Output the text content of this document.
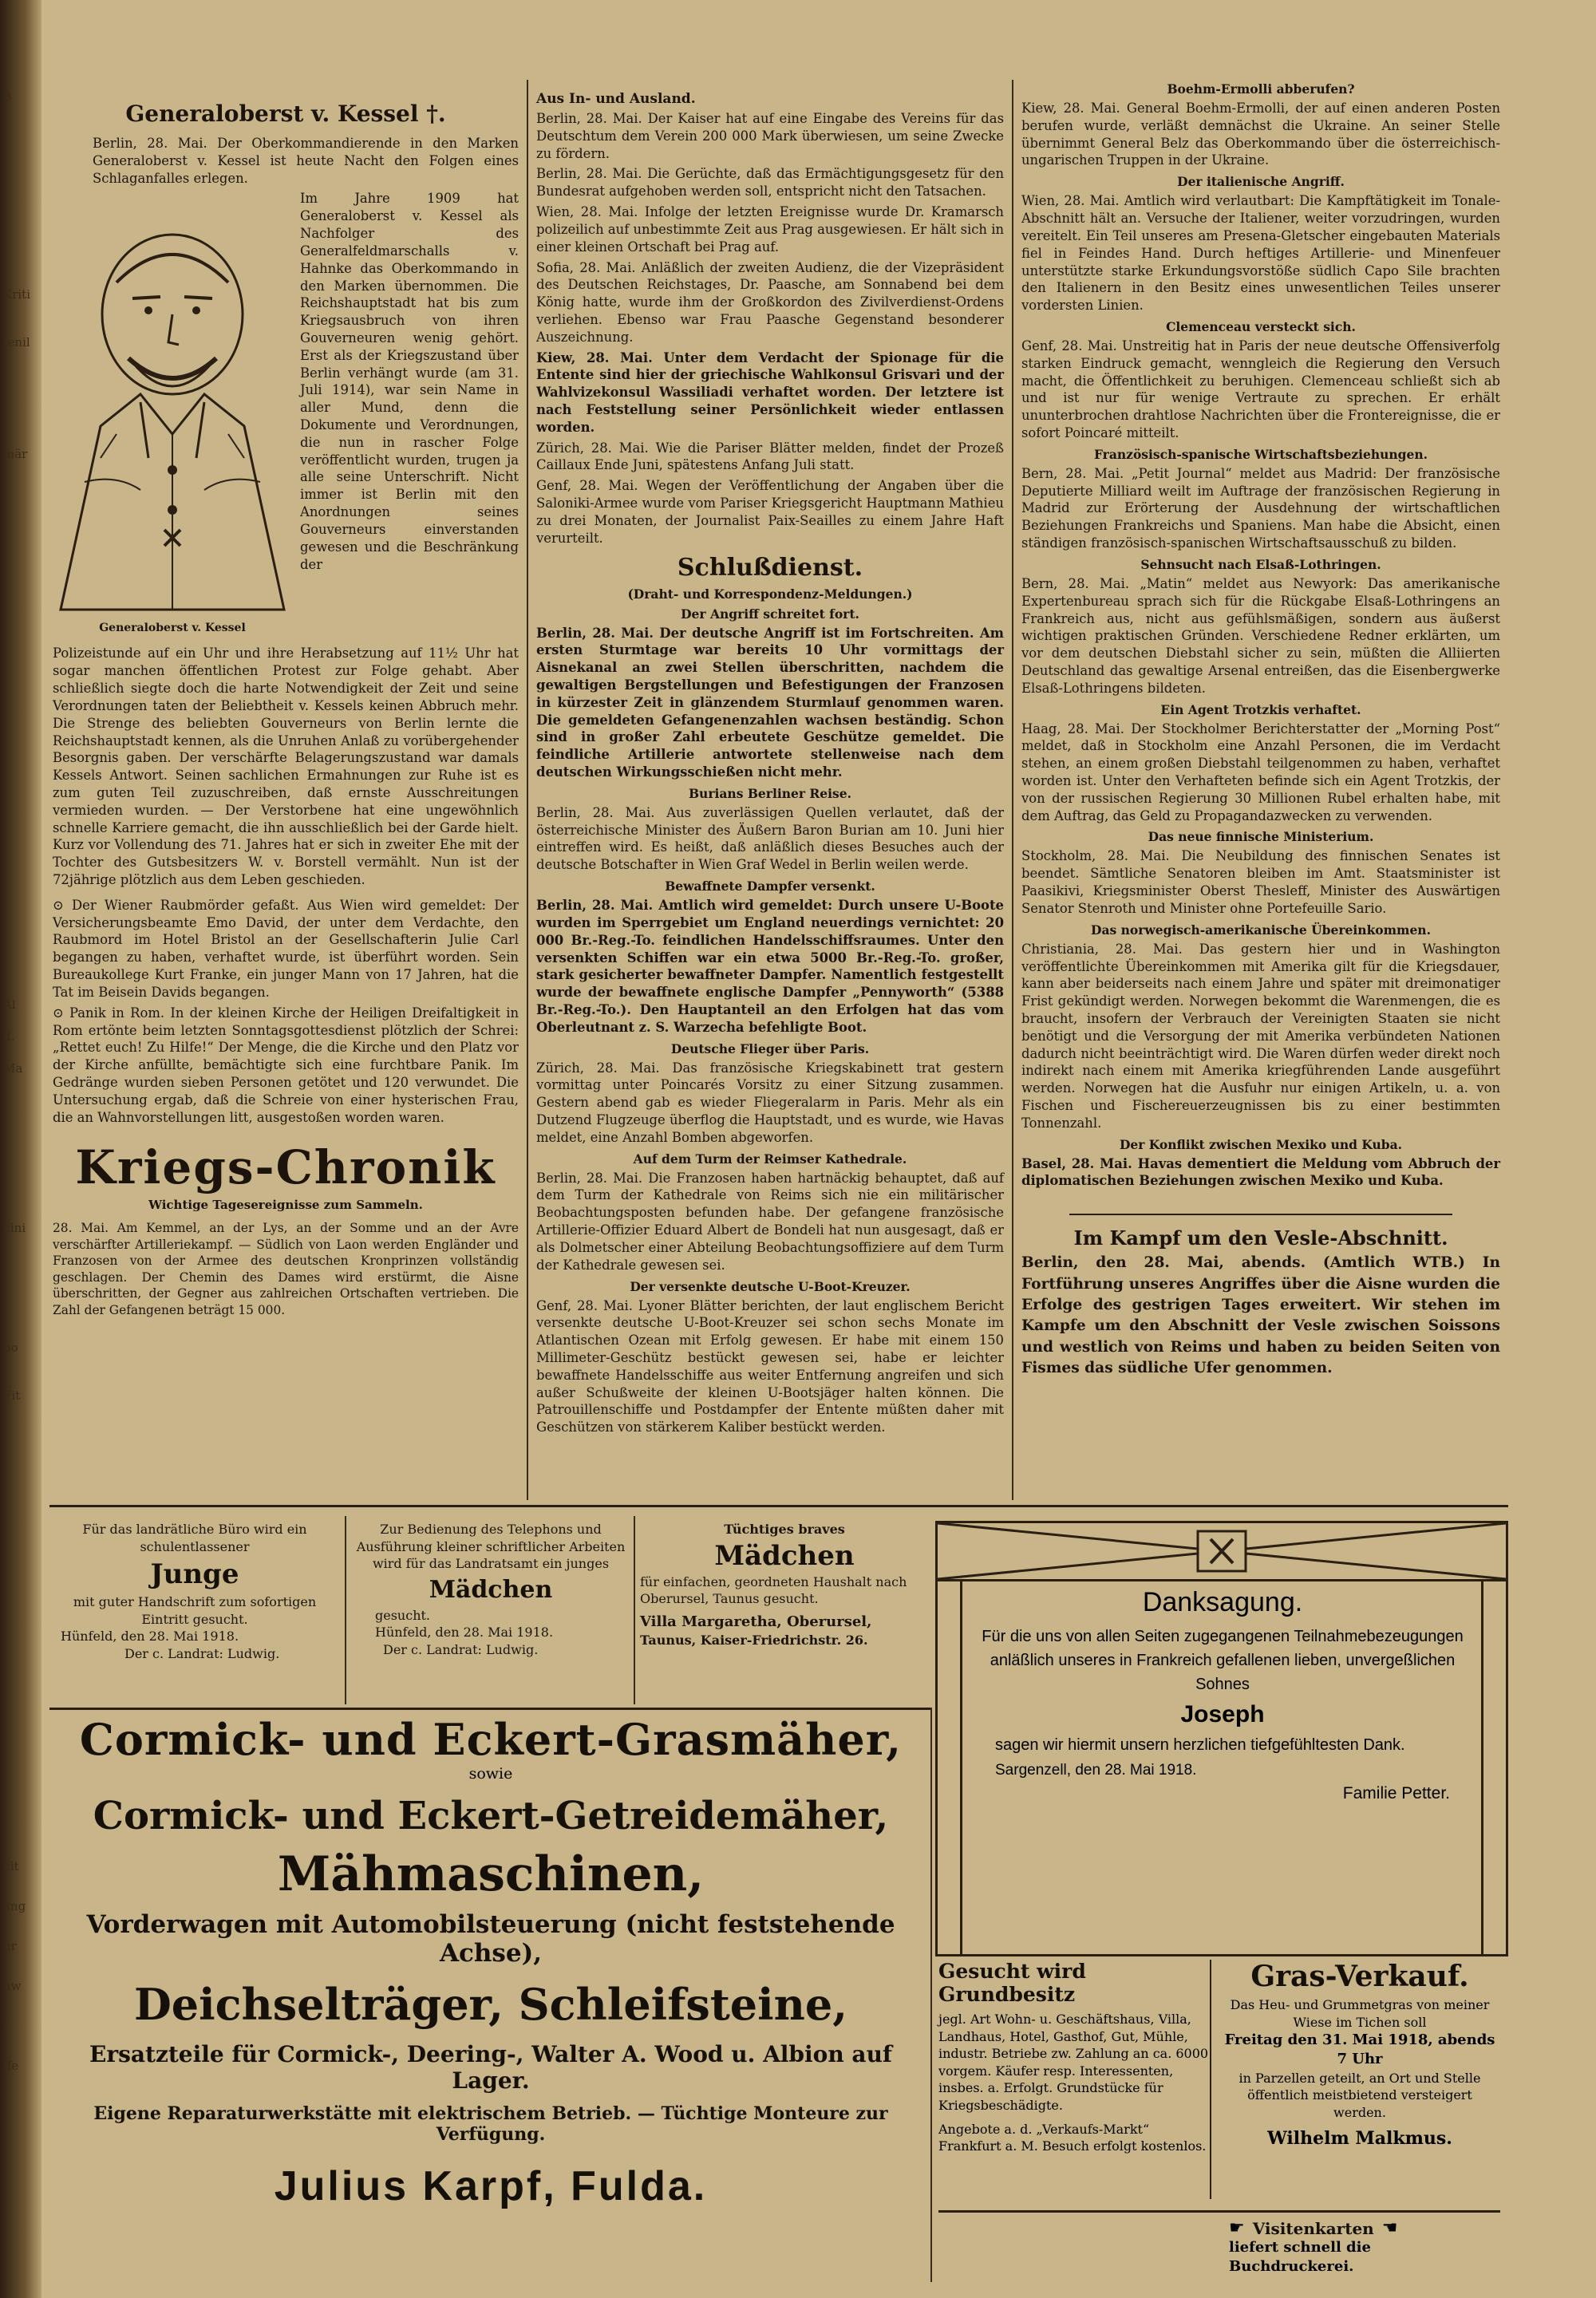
A
Kriti
fenil
mär
Al
d.
Ma
eini
bo
Fit
eit
ang
hr
nw
f
lfe
Generaloberst v. Kessel †.

Berlin, 28. Mai. Der Oberkommandierende in den Marken Generaloberst v. Kessel ist heute Nacht den Folgen eines Schlaganfalles erlegen.

Generaloberst v. Kessel

Im Jahre 1909 hat Generaloberst v. Kessel als Nachfolger des Generalfeldmarschalls v. Hahnke das Oberkommando in den Marken übernommen. Die Reichshauptstadt hat bis zum Kriegsausbruch von ihren Gouverneuren wenig gehört. Erst als der Kriegszustand über Berlin verhängt wurde (am 31. Juli 1914), war sein Name in aller Mund, denn die Dokumente und Verordnungen, die nun in rascher Folge veröffentlicht wurden, trugen ja alle seine Unterschrift. Nicht immer ist Berlin mit den Anordnungen seines Gouverneurs einverstanden gewesen und die Beschränkung der

Polizeistunde auf ein Uhr und ihre Herabsetzung auf 11½ Uhr hat sogar manchen öffentlichen Protest zur Folge gehabt. Aber schließlich siegte doch die harte Notwendigkeit der Zeit und seine Verordnungen taten der Beliebtheit v. Kessels keinen Abbruch mehr. Die Strenge des beliebten Gouverneurs von Berlin lernte die Reichshauptstadt kennen, als die Unruhen Anlaß zu vorübergehender Besorgnis gaben. Der verschärfte Belagerungszustand war damals Kessels Antwort. Seinen sachlichen Ermahnungen zur Ruhe ist es zum guten Teil zuzuschreiben, daß ernste Ausschreitungen vermieden wurden. — Der Verstorbene hat eine ungewöhnlich schnelle Karriere gemacht, die ihn ausschließlich bei der Garde hielt. Kurz vor Vollendung des 71. Jahres hat er sich in zweiter Ehe mit der Tochter des Gutsbesitzers W. v. Borstell vermählt. Nun ist der 72jährige plötzlich aus dem Leben geschieden.

⊙ Der Wiener Raubmörder gefaßt. Aus Wien wird gemeldet: Der Versicherungsbeamte Emo David, der unter dem Verdachte, den Raubmord im Hotel Bristol an der Gesellschafterin Julie Carl begangen zu haben, verhaftet wurde, ist überführt worden. Sein Bureaukollege Kurt Franke, ein junger Mann von 17 Jahren, hat die Tat im Beisein Davids begangen.

⊙ Panik in Rom. In der kleinen Kirche der Heiligen Dreifaltigkeit in Rom ertönte beim letzten Sonntagsgottesdienst plötzlich der Schrei: „Rettet euch! Zu Hilfe!“ Der Menge, die die Kirche und den Platz vor der Kirche anfüllte, bemächtigte sich eine furchtbare Panik. Im Gedränge wurden sieben Personen getötet und 120 verwundet. Die Untersuchung ergab, daß die Schreie von einer hysterischen Frau, die an Wahnvorstellungen litt, ausgestoßen worden waren.

Kriegs-Chronik
Wichtige Tagesereignisse zum Sammeln.

28. Mai. Am Kemmel, an der Lys, an der Somme und an der Avre verschärfter Artilleriekampf. — Südlich von Laon werden Engländer und Franzosen von der Armee des deutschen Kronprinzen vollständig geschlagen. Der Chemin des Dames wird erstürmt, die Aisne überschritten, der Gegner aus zahlreichen Ortschaften vertrieben. Die Zahl der Gefangenen beträgt 15 000.

Aus In- und Ausland.

Berlin, 28. Mai. Der Kaiser hat auf eine Eingabe des Vereins für das Deutschtum dem Verein 200 000 Mark überwiesen, um seine Zwecke zu fördern.

Berlin, 28. Mai. Die Gerüchte, daß das Ermächtigungsgesetz für den Bundesrat aufgehoben werden soll, entspricht nicht den Tatsachen.

Wien, 28. Mai. Infolge der letzten Ereignisse wurde Dr. Kramarsch polizeilich auf unbestimmte Zeit aus Prag ausgewiesen. Er hält sich in einer kleinen Ortschaft bei Prag auf.

Sofia, 28. Mai. Anläßlich der zweiten Audienz, die der Vizepräsident des Deutschen Reichstages, Dr. Paasche, am Sonnabend bei dem König hatte, wurde ihm der Großkordon des Zivilverdienst-Ordens verliehen. Ebenso war Frau Paasche Gegenstand besonderer Auszeichnung.

Kiew, 28. Mai. Unter dem Verdacht der Spionage für die Entente sind hier der griechische Wahlkonsul Grisvari und der Wahlvizekonsul Wassiliadi verhaftet worden. Der letztere ist nach Feststellung seiner Persönlichkeit wieder entlassen worden.

Zürich, 28. Mai. Wie die Pariser Blätter melden, findet der Prozeß Caillaux Ende Juni, spätestens Anfang Juli statt.

Genf, 28. Mai. Wegen der Veröffentlichung der Angaben über die Saloniki-Armee wurde vom Pariser Kriegsgericht Hauptmann Mathieu zu drei Monaten, der Journalist Paix-Seailles zu einem Jahre Haft verurteilt.

Schlußdienst.
(Draht- und Korrespondenz-Meldungen.)
Der Angriff schreitet fort.

Berlin, 28. Mai. Der deutsche Angriff ist im Fortschreiten. Am ersten Sturmtage war bereits 10 Uhr vormittags der Aisnekanal an zwei Stellen überschritten, nachdem die gewaltigen Bergstellungen und Befestigungen der Franzosen in kürzester Zeit in glänzendem Sturmlauf genommen waren. Die gemeldeten Gefangenenzahlen wachsen beständig. Schon sind in großer Zahl erbeutete Geschütze gemeldet. Die feindliche Artillerie antwortete stellenweise nach dem deutschen Wirkungsschießen nicht mehr.

Burians Berliner Reise.

Berlin, 28. Mai. Aus zuverlässigen Quellen verlautet, daß der österreichische Minister des Äußern Baron Burian am 10. Juni hier eintreffen wird. Es heißt, daß anläßlich dieses Besuches auch der deutsche Botschafter in Wien Graf Wedel in Berlin weilen werde.

Bewaffnete Dampfer versenkt.

Berlin, 28. Mai. Amtlich wird gemeldet: Durch unsere U-Boote wurden im Sperrgebiet um England neuerdings vernichtet: 20 000 Br.-Reg.-To. feindlichen Handelsschiffsraumes. Unter den versenkten Schiffen war ein etwa 5000 Br.-Reg.-To. großer, stark gesicherter bewaffneter Dampfer. Namentlich festgestellt wurde der bewaffnete englische Dampfer „Pennyworth“ (5388 Br.-Reg.-To.). Den Hauptanteil an den Erfolgen hat das vom Oberleutnant z. S. Warzecha befehligte Boot.

Deutsche Flieger über Paris.

Zürich, 28. Mai. Das französische Kriegskabinett trat gestern vormittag unter Poincarés Vorsitz zu einer Sitzung zusammen. Gestern abend gab es wieder Fliegeralarm in Paris. Mehr als ein Dutzend Flugzeuge überflog die Hauptstadt, und es wurde, wie Havas meldet, eine Anzahl Bomben abgeworfen.

Auf dem Turm der Reimser Kathedrale.

Berlin, 28. Mai. Die Franzosen haben hartnäckig behauptet, daß auf dem Turm der Kathedrale von Reims sich nie ein militärischer Beobachtungsposten befunden habe. Der gefangene französische Artillerie-Offizier Eduard Albert de Bondeli hat nun ausgesagt, daß er als Dolmetscher einer Abteilung Beobachtungsoffiziere auf dem Turm der Kathedrale gewesen sei.

Der versenkte deutsche U-Boot-Kreuzer.

Genf, 28. Mai. Lyoner Blätter berichten, der laut englischem Bericht versenkte deutsche U-Boot-Kreuzer sei schon sechs Monate im Atlantischen Ozean mit Erfolg gewesen. Er habe mit einem 150 Millimeter-Geschütz bestückt gewesen sei, habe er leichter bewaffnete Handelsschiffe aus weiter Entfernung angreifen und sich außer Schußweite der kleinen U-Bootsjäger halten können. Die Patrouillenschiffe und Postdampfer der Entente müßten daher mit Geschützen von stärkerem Kaliber bestückt werden.

Boehm-Ermolli abberufen?

Kiew, 28. Mai. General Boehm-Ermolli, der auf einen anderen Posten berufen wurde, verläßt demnächst die Ukraine. An seiner Stelle übernimmt General Belz das Oberkommando über die österreichisch-ungarischen Truppen in der Ukraine.

Der italienische Angriff.

Wien, 28. Mai. Amtlich wird verlautbart: Die Kampftätigkeit im Tonale-Abschnitt hält an. Versuche der Italiener, weiter vorzudringen, wurden vereitelt. Ein Teil unseres am Presena-Gletscher eingebauten Materials fiel in Feindes Hand. Durch heftiges Artillerie- und Minenfeuer unterstützte starke Erkundungsvorstöße südlich Capo Sile brachten den Italienern in den Besitz eines unwesentlichen Teiles unserer vordersten Linien.

Clemenceau versteckt sich.

Genf, 28. Mai. Unstreitig hat in Paris der neue deutsche Offensiverfolg starken Eindruck gemacht, wenngleich die Regierung den Versuch macht, die Öffentlichkeit zu beruhigen. Clemenceau schließt sich ab und ist nur für wenige Vertraute zu sprechen. Er erhält ununterbrochen drahtlose Nachrichten über die Frontereignisse, die er sofort Poincaré mitteilt.

Französisch-spanische Wirtschaftsbeziehungen.

Bern, 28. Mai. „Petit Journal“ meldet aus Madrid: Der französische Deputierte Milliard weilt im Auftrage der französischen Regierung in Madrid zur Erörterung der Ausdehnung der wirtschaftlichen Beziehungen Frankreichs und Spaniens. Man habe die Absicht, einen ständigen französisch-spanischen Wirtschaftsausschuß zu bilden.

Sehnsucht nach Elsaß-Lothringen.

Bern, 28. Mai. „Matin“ meldet aus Newyork: Das amerikanische Expertenbureau sprach sich für die Rückgabe Elsaß-Lothringens an Frankreich aus, nicht aus gefühlsmäßigen, sondern aus äußerst wichtigen praktischen Gründen. Verschiedene Redner erklärten, um vor dem deutschen Diebstahl sicher zu sein, müßten die Alliierten Deutschland das gewaltige Arsenal entreißen, das die Eisenbergwerke Elsaß-Lothringens bildeten.

Ein Agent Trotzkis verhaftet.

Haag, 28. Mai. Der Stockholmer Berichterstatter der „Morning Post“ meldet, daß in Stockholm eine Anzahl Personen, die im Verdacht stehen, an einem großen Diebstahl teilgenommen zu haben, verhaftet worden ist. Unter den Verhafteten befinde sich ein Agent Trotzkis, der von der russischen Regierung 30 Millionen Rubel erhalten habe, mit dem Auftrag, das Geld zu Propagandazwecken zu verwenden.

Das neue finnische Ministerium.

Stockholm, 28. Mai. Die Neubildung des finnischen Senates ist beendet. Sämtliche Senatoren bleiben im Amt. Staatsminister ist Paasikivi, Kriegsminister Oberst Thesleff, Minister des Auswärtigen Senator Stenroth und Minister ohne Portefeuille Sario.

Das norwegisch-amerikanische Übereinkommen.

Christiania, 28. Mai. Das gestern hier und in Washington veröffentlichte Übereinkommen mit Amerika gilt für die Kriegsdauer, kann aber beiderseits nach einem Jahre und später mit dreimonatiger Frist gekündigt werden. Norwegen bekommt die Warenmengen, die es braucht, insofern der Verbrauch der Vereinigten Staaten sie nicht benötigt und die Versorgung der mit Amerika verbündeten Nationen dadurch nicht beeinträchtigt wird. Die Waren dürfen weder direkt noch indirekt nach einem mit Amerika kriegführenden Lande ausgeführt werden. Norwegen hat die Ausfuhr nur einigen Artikeln, u. a. von Fischen und Fischereuerzeugnissen bis zu einer bestimmten Tonnenzahl.

Der Konflikt zwischen Mexiko und Kuba.

Basel, 28. Mai. Havas dementiert die Meldung vom Abbruch der diplomatischen Beziehungen zwischen Mexiko und Kuba.

Im Kampf um den Vesle-Abschnitt.

Berlin, den 28. Mai, abends. (Amtlich WTB.) In Fortführung unseres Angriffes über die Aisne wurden die Erfolge des gestrigen Tages erweitert. Wir stehen im Kampfe um den Abschnitt der Vesle zwischen Soissons und westlich von Reims und haben zu beiden Seiten von Fismes das südliche Ufer genommen.

Für das landrätliche Büro wird ein schulentlassener
Junge
mit guter Handschrift zum sofortigen Eintritt gesucht.
Hünfeld, den 28. Mai 1918.
Der c. Landrat: Ludwig.
Zur Bedienung des Telephons und Ausführung kleiner schriftlicher Arbeiten wird für das Landratsamt ein junges
Mädchen
gesucht.
Hünfeld, den 28. Mai 1918.
Der c. Landrat: Ludwig.
Tüchtiges braves
Mädchen
für einfachen, geordneten Haushalt nach Oberursel, Taunus gesucht.
Villa Margaretha, Oberursel,
Taunus, Kaiser-Friedrichstr. 26.
Danksagung.
Für die uns von allen Seiten zugegangenen Teilnahmebezeugungen anläßlich unseres in Frankreich gefallenen lieben, unvergeßlichen Sohnes
Joseph
sagen wir hiermit unsern herzlichen tiefgefühltesten Dank.
Sargenzell, den 28. Mai 1918.
Familie Petter.
Cormick- und Eckert-Grasmäher,
sowie
Cormick- und Eckert-Getreidemäher,
Mähmaschinen,
Vorderwagen mit Automobilsteuerung (nicht feststehende Achse),
Deichselträger, Schleifsteine,
Ersatzteile für Cormick-, Deering-, Walter A. Wood u. Albion auf Lager.
Eigene Reparaturwerkstätte mit elektrischem Betrieb. — Tüchtige Monteure zur Verfügung.
Julius Karpf, Fulda.
Gesucht wird Grundbesitz
jegl. Art Wohn- u. Geschäftshaus, Villa, Landhaus, Hotel, Gasthof, Gut, Mühle, industr. Betriebe zw. Zahlung an ca. 6000 vorgem. Käufer resp. Interessenten, insbes. a. Erfolgt. Grundstücke für Kriegsbeschädigte.
Angebote a. d. „Verkaufs-Markt“ Frankfurt a. M. Besuch erfolgt kostenlos.
Gras-Verkauf.
Das Heu- und Grummetgras von meiner Wiese im Tichen soll
Freitag den 31. Mai 1918, abends 7 Uhr
in Parzellen geteilt, an Ort und Stelle öffentlich meistbietend versteigert werden.
Wilhelm Malkmus.
☛ Visitenkarten ☚
liefert schnell die Buchdruckerei.
